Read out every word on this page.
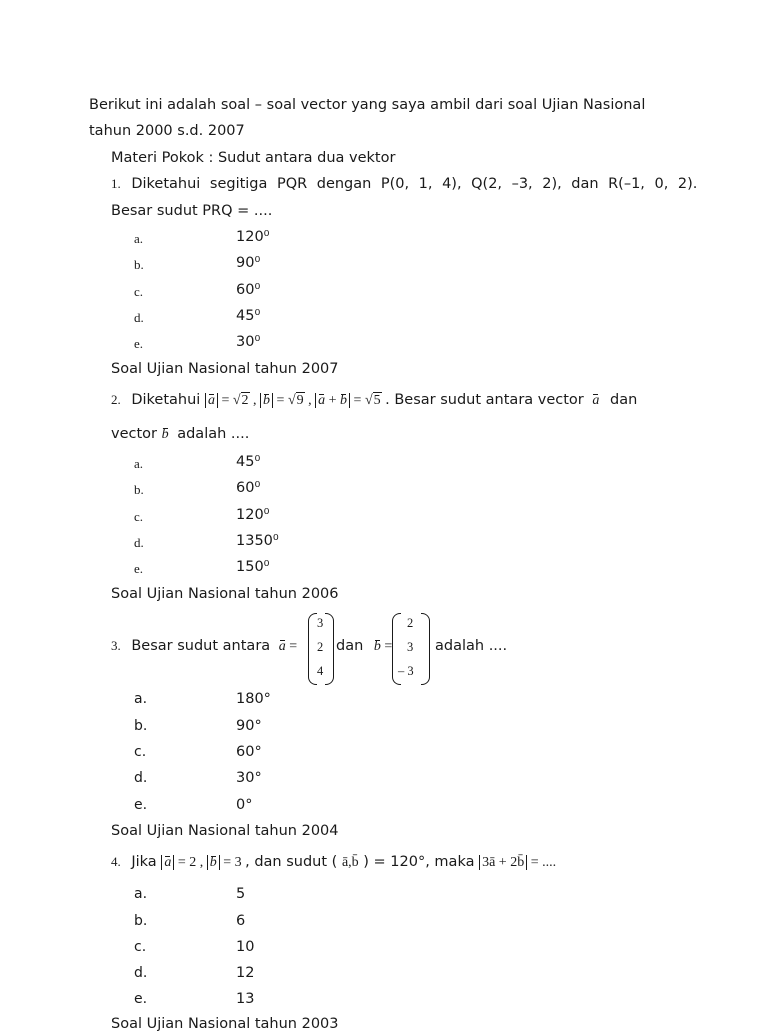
Berikut ini adalah soal – soal vector yang saya ambil dari soal Ujian Nasional
tahun 2000 s.d. 2007
Materi Pokok : Sudut antara dua vektor
1. Diketahui segitiga PQR dengan P(0, 1, 4), Q(2, –3, 2), dan R(–1, 0, 2).
Besar sudut PRQ = ....
a.	120⁰
b.	90⁰
c.	60⁰
d.	45⁰
e.	30⁰
Soal Ujian Nasional tahun 2007
2. Diketahui a = √2 , b = √9 , a + b = √5 . Besar sudut antara vector a dan
vector b adalah ....
a.	45⁰
b.	60⁰
c.	120⁰
d.	1350⁰
e.	150⁰
Soal Ujian Nasional tahun 2006
3. Besar sudut antara a =
3
2
4
dan b =
2
3
– 3
adalah ....
a.	180°
b.	90°
c.	60°
d.	30°
e.	0°
Soal Ujian Nasional tahun 2004
4. Jika a = 2 , b = 3 , dan sudut ( ā,b̄ ) = 120°, maka 3ā + 2b̄ = ....
a.	5
b.	6
c.	10
d.	12
e.	13
Soal Ujian Nasional tahun 2003
